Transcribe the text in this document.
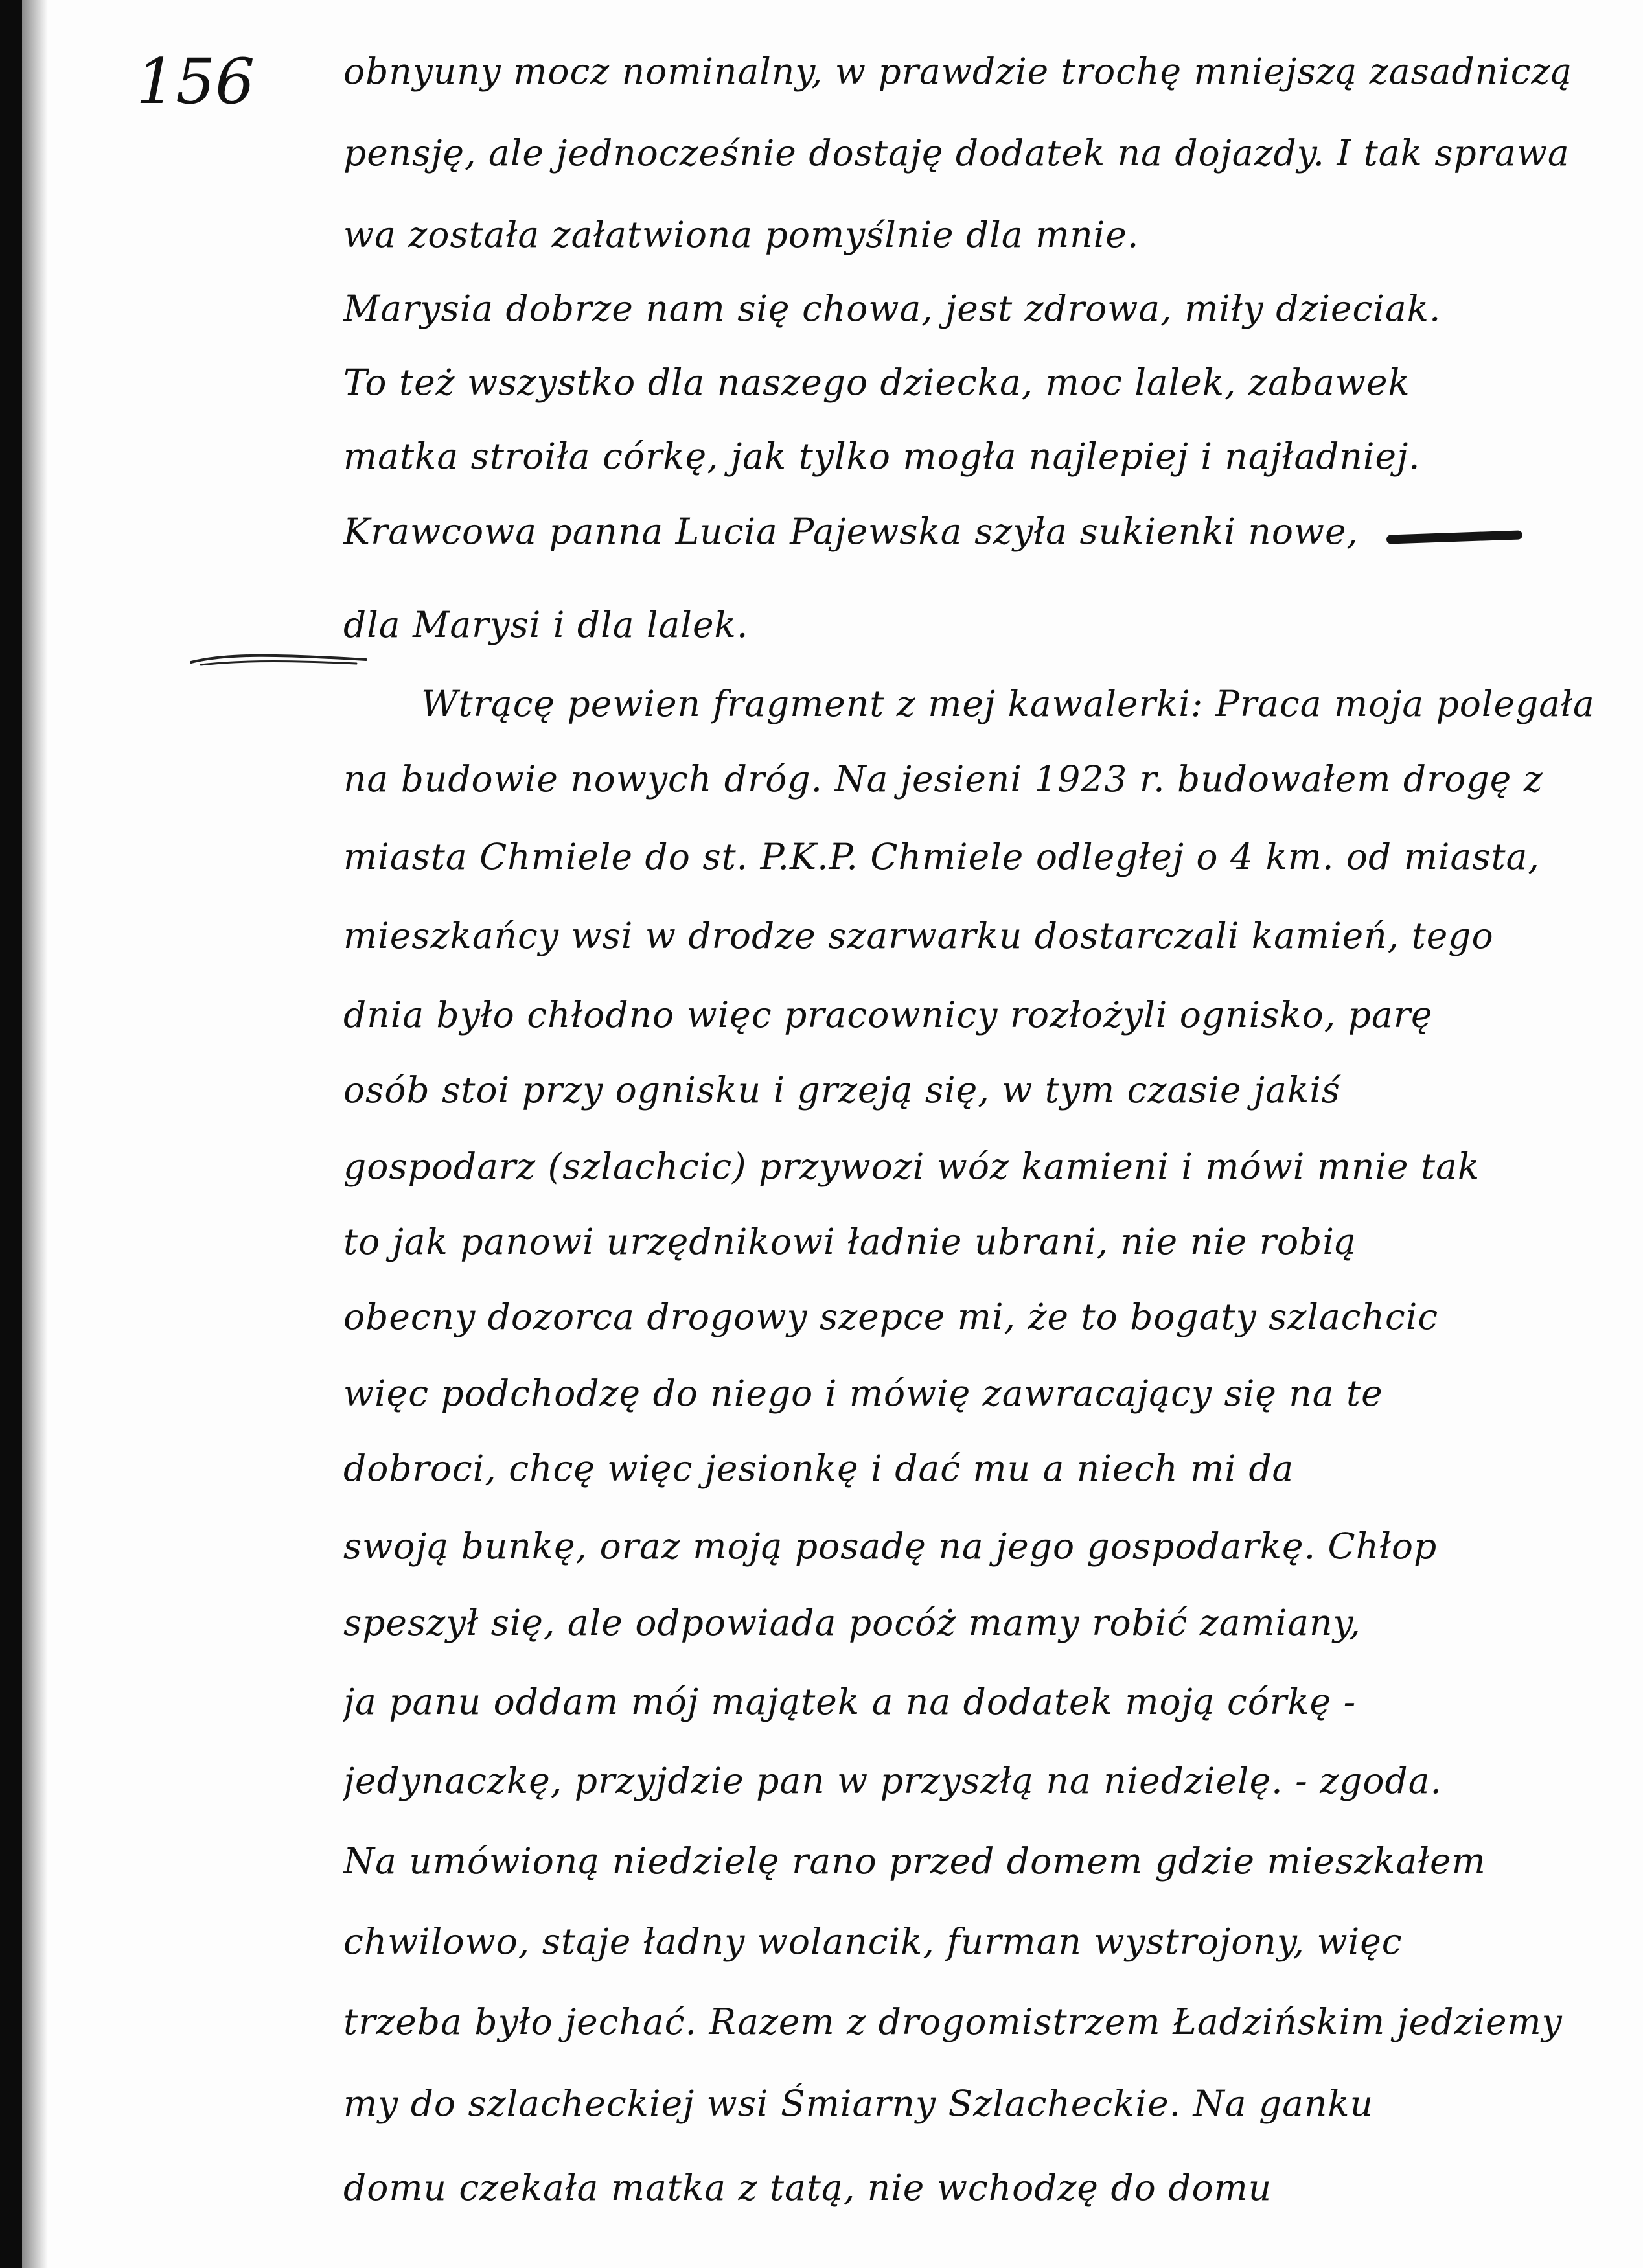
156 obnyuny mocz nominalny, w prawdzie trochę mniejszą zasadniczą
pensję, ale jednocześnie dostaję dodatek na dojazdy. I tak sprawa
wa została załatwiona pomyślnie dla mnie.
Marysia dobrze nam się chowa, jest zdrowa, miły dzieciak.
To też wszystko dla naszego dziecka, moc lalek, zabawek
matka stroiła córkę, jak tylko mogła najlepiej i najładniej.
Krawcowa panna Lucia Pajewska szyła sukienki nowe,
dla Marysi i dla lalek.
Wtrącę pewien fragment z mej kawalerki: Praca moja polegała
na budowie nowych dróg. Na jesieni 1923 r. budowałem drogę z
miasta Chmiele do st. P.K.P. Chmiele odległej o 4 km. od miasta,
mieszkańcy wsi w drodze szarwarku dostarczali kamień, tego
dnia było chłodno więc pracownicy rozłożyli ognisko, parę
osób stoi przy ognisku i grzeją się, w tym czasie jakiś
gospodarz (szlachcic) przywozi wóz kamieni i mówi mnie tak
to jak panowi urzędnikowi ładnie ubrani, nie nie robią
obecny dozorca drogowy szepce mi, że to bogaty szlachcic
więc podchodzę do niego i mówię zawracający się na te
dobroci, chcę więc jesionkę i dać mu a niech mi da
swoją bunkę, oraz moją posadę na jego gospodarkę. Chłop
speszył się, ale odpowiada pocóż mamy robić zamiany,
ja panu oddam mój majątek a na dodatek moją córkę -
jedynaczkę, przyjdzie pan w przyszłą na niedzielę. - zgoda.
Na umówioną niedzielę rano przed domem gdzie mieszkałem
chwilowo, staje ładny wolancik, furman wystrojony, więc
trzeba było jechać. Razem z drogomistrzem Ładzińskim jedziemy
my do szlacheckiej wsi Śmiarny Szlacheckie. Na ganku
domu czekała matka z tatą, nie wchodzę do domu
